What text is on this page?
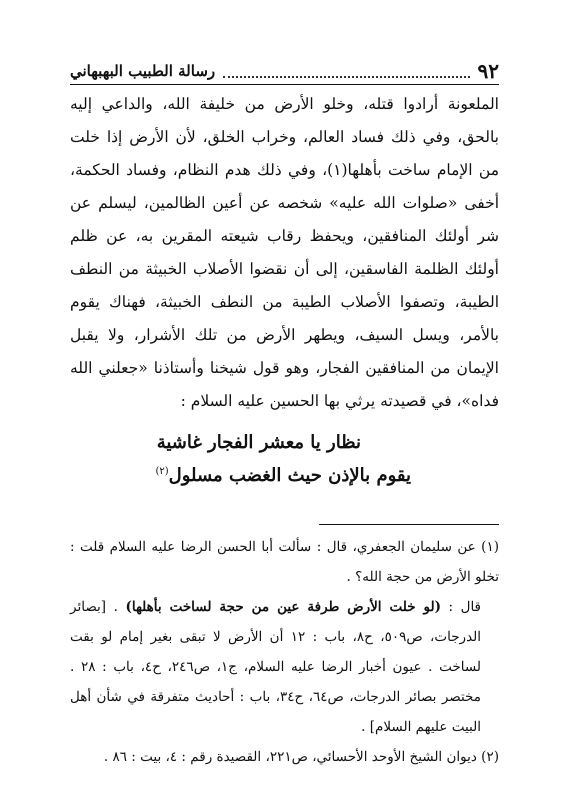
٩٢
رسالة الطبيب البهبهاني

الملعونة أرادوا قتله، وخلو الأرض من خليفة الله، والداعي إليه بالحق، وفي ذلك فساد العالم، وخراب الخلق، لأن الأرض إذا خلت من الإمام ساخت بأهلها(١)، وفي ذلك هدم النظام، وفساد الحكمة، أخفى «صلوات الله عليه» شخصه عن أعين الظالمين، ليسلم عن شر أولئك المنافقين، ويحفظ رقاب شيعته المقرين به، عن ظلم أولئك الظلمة الفاسقين، إلى أن نقضوا الأصلاب الخبيثة من النطف الطيبة، وتصفوا الأصلاب الطيبة من النطف الخبيثة، فهناك يقوم بالأمر، ويسل السيف، ويطهر الأرض من تلك الأشرار، ولا يقبل الإيمان من المنافقين الفجار، وهو قول شيخنا وأستاذنا «جعلني الله فداه»، في قصيدته يرثي بها الحسين عليه السلام :

نظار يا معشر الفجار غاشية
يقوم بالإذن حيث الغضب مسلول$^{(٢)}$

(١) عن سليمان الجعفري، قال : سألت أبا الحسن الرضا عليه السلام قلت : تخلو الأرض من حجة الله؟ .

قال : (لو خلت الأرض طرفة عين من حجة لساخت بأهلها) . [بصائر الدرجات، ص٥٠٩، ح٨، باب : ١٢ أن الأرض لا تبقى بغير إمام لو بقت لساخت . عيون أخبار الرضا عليه السلام، ج١، ص٢٤٦، ح٤، باب : ٢٨ . مختصر بصائر الدرجات، ص٦٤، ح٣٤، باب : أحاديث متفرقة في شأن أهل البيت عليهم السلام] .

(٢) ديوان الشيخ الأوحد الأحسائي، ص٢٢١، القصيدة رقم : ٤، بيت : ٨٦ .
